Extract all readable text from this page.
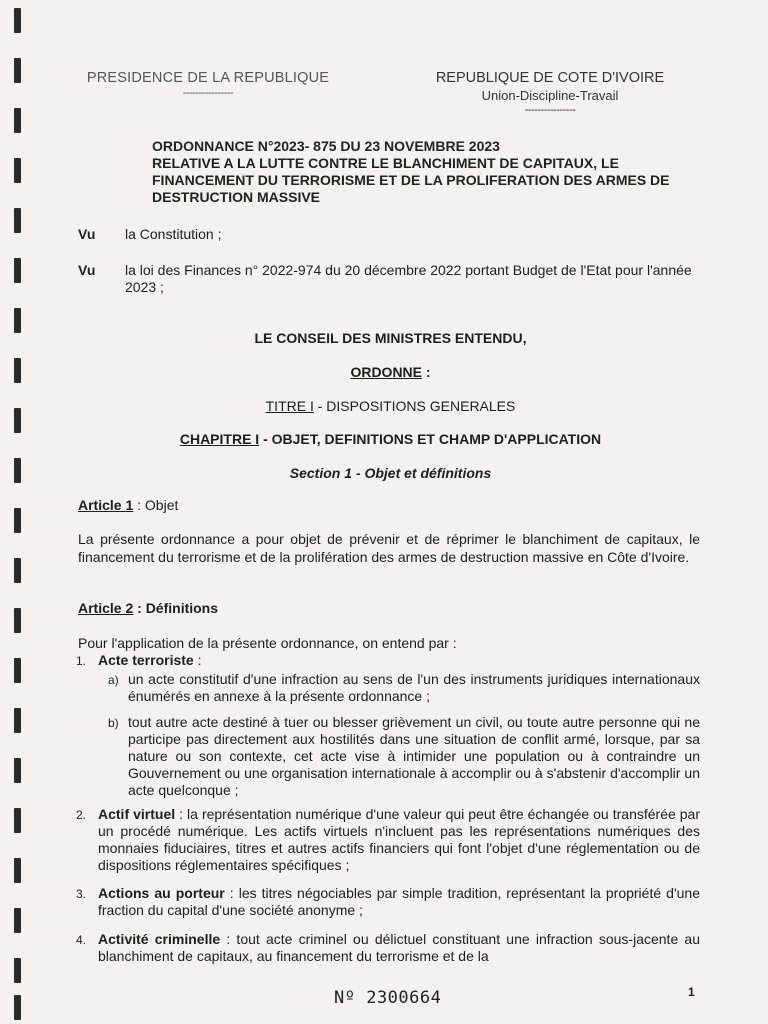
PRESIDENCE DE LA REPUBLIQUE
----------------
REPUBLIQUE DE COTE D'IVOIRE
Union-Discipline-Travail
----------------
ORDONNANCE N°2023- 875 DU 23 NOVEMBRE 2023
RELATIVE A LA LUTTE CONTRE LE BLANCHIMENT DE CAPITAUX, LE FINANCEMENT DU TERRORISME ET DE LA PROLIFERATION DES ARMES DE DESTRUCTION MASSIVE
Vu la Constitution ;
Vu la loi des Finances n° 2022-974 du 20 décembre 2022 portant Budget de l'Etat pour l'année 2023 ;
LE CONSEIL DES MINISTRES ENTENDU,
ORDONNE :
TITRE I - DISPOSITIONS GENERALES
CHAPITRE I - OBJET, DEFINITIONS ET CHAMP D'APPLICATION
Section 1 - Objet et définitions
Article 1 : Objet
La présente ordonnance a pour objet de prévenir et de réprimer le blanchiment de capitaux, le financement du terrorisme et de la prolifération des armes de destruction massive en Côte d'Ivoire.
Article 2 : Définitions
Pour l'application de la présente ordonnance, on entend par :
1. Acte terroriste :
a) un acte constitutif d'une infraction au sens de l'un des instruments juridiques internationaux énumérés en annexe à la présente ordonnance ;
b) tout autre acte destiné à tuer ou blesser grièvement un civil, ou toute autre personne qui ne participe pas directement aux hostilités dans une situation de conflit armé, lorsque, par sa nature ou son contexte, cet acte vise à intimider une population ou à contraindre un Gouvernement ou une organisation internationale à accomplir ou à s'abstenir d'accomplir un acte quelconque ;
2. Actif virtuel : la représentation numérique d'une valeur qui peut être échangée ou transférée par un procédé numérique. Les actifs virtuels n'incluent pas les représentations numériques des monnaies fiduciaires, titres et autres actifs financiers qui font l'objet d'une réglementation ou de dispositions réglementaires spécifiques ;
3. Actions au porteur : les titres négociables par simple tradition, représentant la propriété d'une fraction du capital d'une société anonyme ;
4. Activité criminelle : tout acte criminel ou délictuel constituant une infraction sous-jacente au blanchiment de capitaux, au financement du terrorisme et de la
Nº 2300664	1
